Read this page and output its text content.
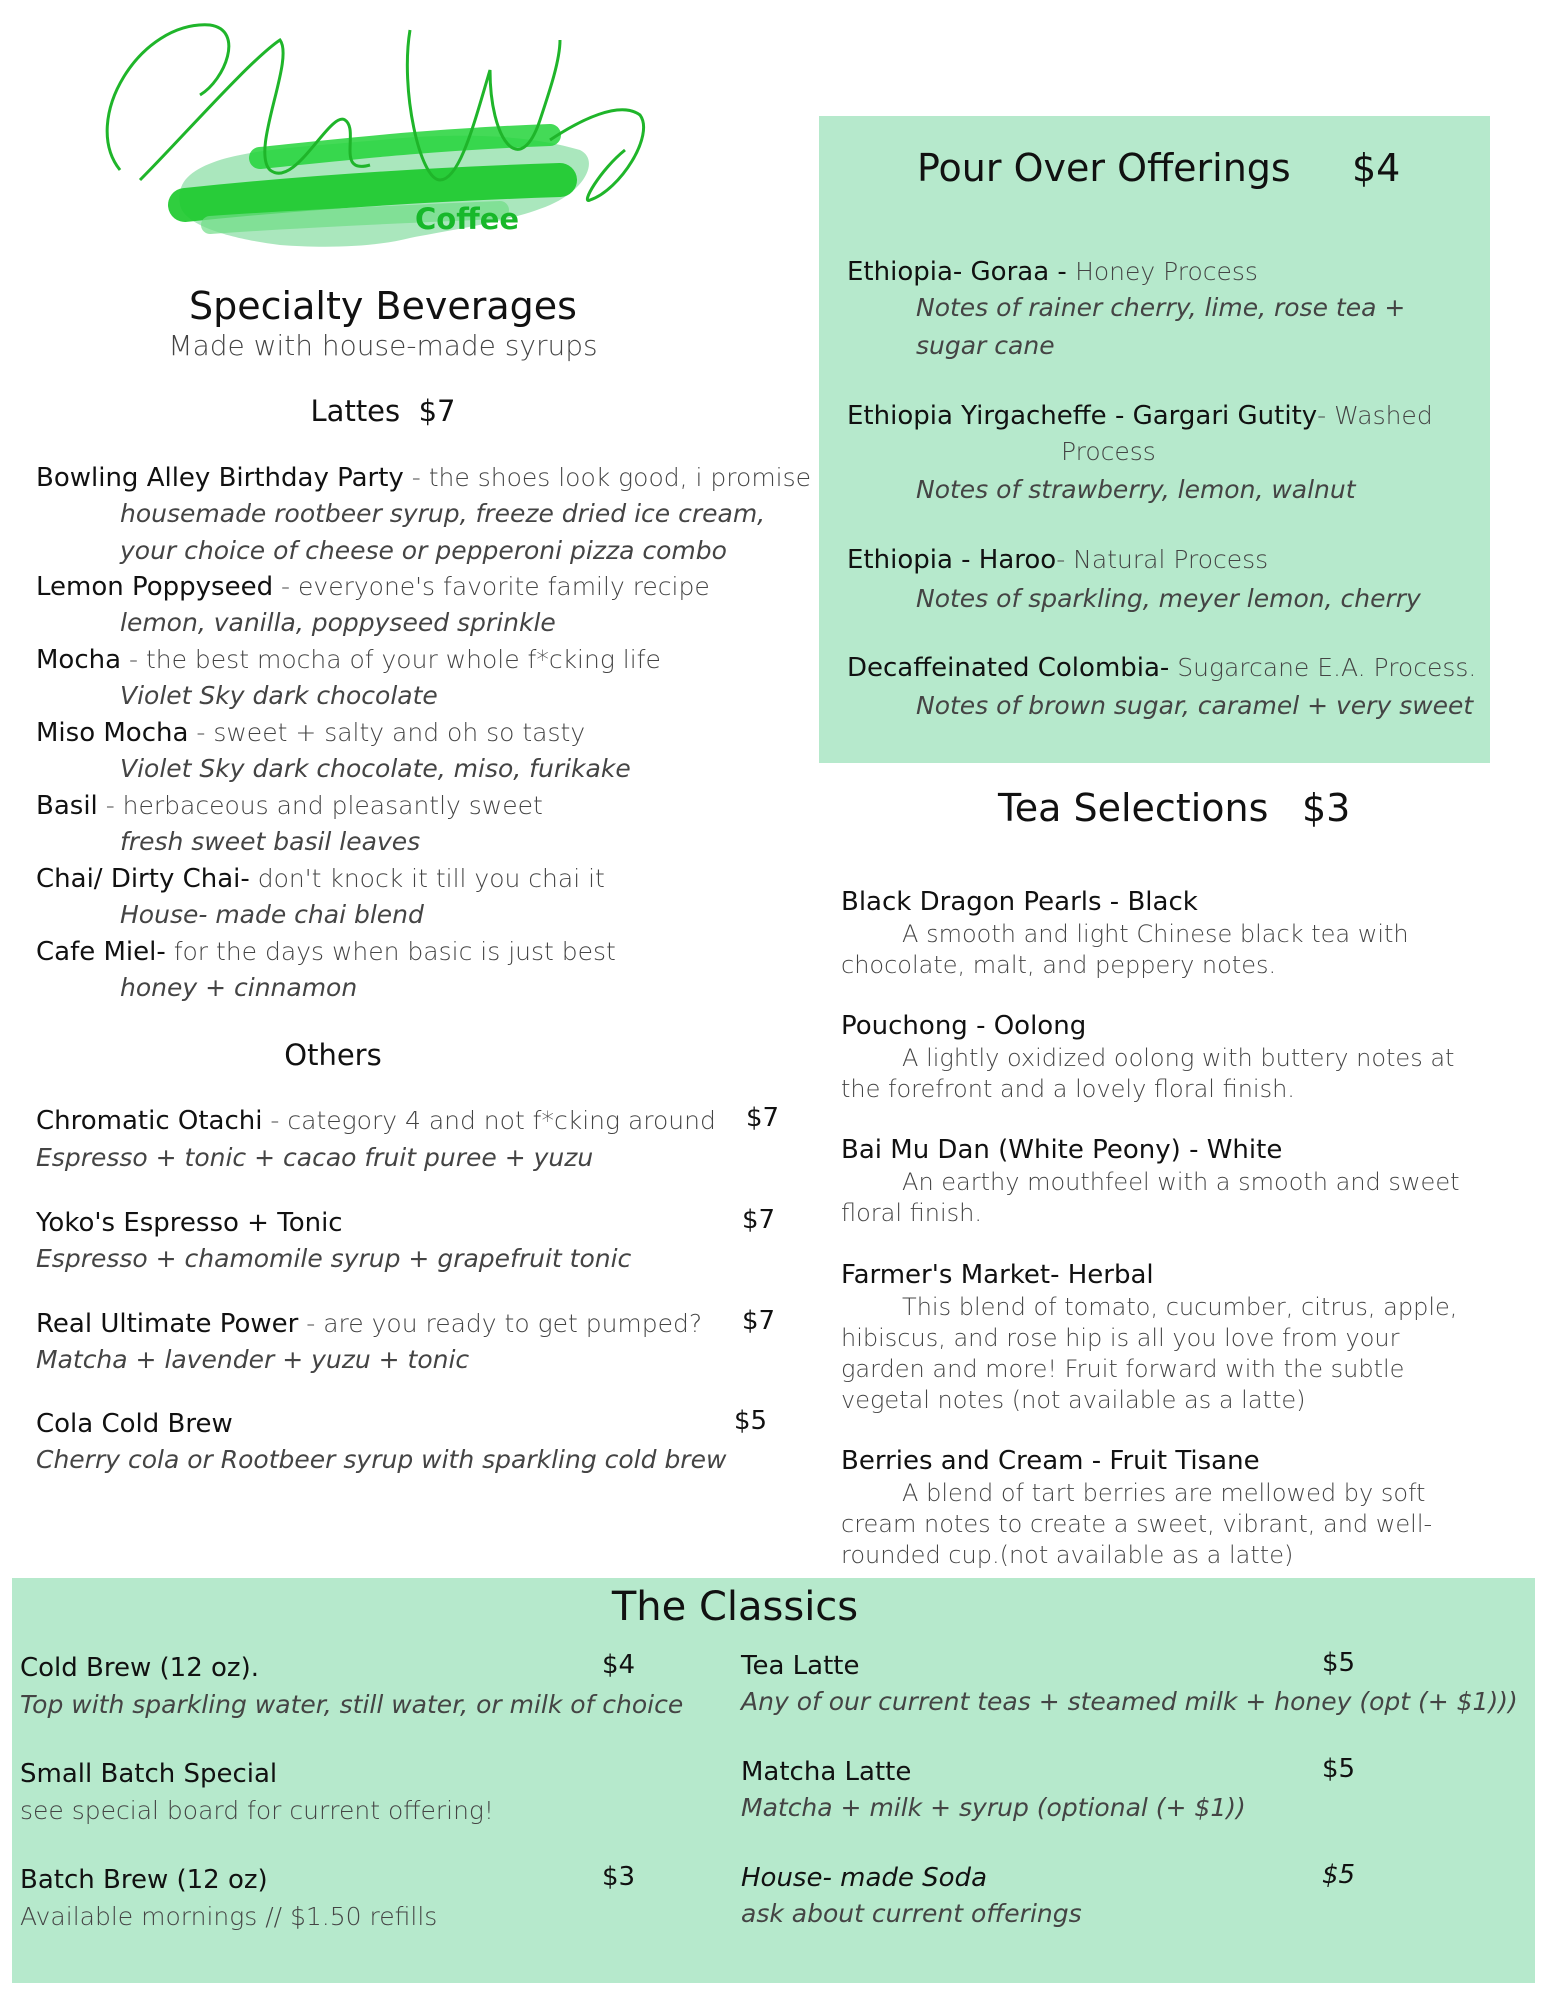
Coffee
Specialty Beverages
Made with house-made syrups
Lattes  $7
Bowling Alley Birthday Party - the shoes look good, i promise
housemade rootbeer syrup, freeze dried ice cream,
your choice of cheese or pepperoni pizza combo
Lemon Poppyseed - everyone's favorite family recipe
lemon, vanilla, poppyseed sprinkle
Mocha - the best mocha of your whole f*cking life
Violet Sky dark chocolate
Miso Mocha - sweet + salty and oh so tasty
Violet Sky dark chocolate, miso, furikake
Basil - herbaceous and pleasantly sweet
fresh sweet basil leaves
Chai/ Dirty Chai- don't knock it till you chai it
House- made chai blend
Cafe Miel- for the days when basic is just best
honey + cinnamon
Others
Chromatic Otachi - category 4 and not f*cking around $7
Espresso + tonic + cacao fruit puree + yuzu
Yoko's Espresso + Tonic	$7
Espresso + chamomile syrup + grapefruit tonic
Real Ultimate Power - are you ready to get pumped? $7
Matcha + lavender + yuzu + tonic
Cola Cold Brew	$5
Cherry cola or Rootbeer syrup with sparkling cold brew
Pour Over Offerings $4
Ethiopia- Goraa - Honey Process
Notes of rainer cherry, lime, rose tea +
sugar cane
Ethiopia Yirgacheffe - Gargari Gutity- Washed
Process
Notes of strawberry, lemon, walnut
Ethiopia - Haroo- Natural Process
Notes of sparkling, meyer lemon, cherry
Decaffeinated Colombia- Sugarcane E.A. Process.
Notes of brown sugar, caramel + very sweet
Tea Selections $3
Black Dragon Pearls - Black
A smooth and light Chinese black tea with
chocolate, malt, and peppery notes.
Pouchong - Oolong
A lightly oxidized oolong with buttery notes at
the forefront and a lovely floral finish.
Bai Mu Dan (White Peony) - White
An earthy mouthfeel with a smooth and sweet
floral finish.
Farmer's Market- Herbal
This blend of tomato, cucumber, citrus, apple,
hibiscus, and rose hip is all you love from your
garden and more! Fruit forward with the subtle
vegetal notes (not available as a latte)
Berries and Cream - Fruit Tisane
A blend of tart berries are mellowed by soft
cream notes to create a sweet, vibrant, and well-
rounded cup.(not available as a latte)
The Classics
Cold Brew (12 oz).	$4
Top with sparkling water, still water, or milk of choice
Small Batch Special
see special board for current offering!
Batch Brew (12 oz)	$3
Available mornings // $1.50 refills
Tea Latte	$5
Any of our current teas + steamed milk + honey (opt (+ $1)))
Matcha Latte	$5
Matcha + milk + syrup (optional (+ $1))
House- made Soda	$5
ask about current offerings
